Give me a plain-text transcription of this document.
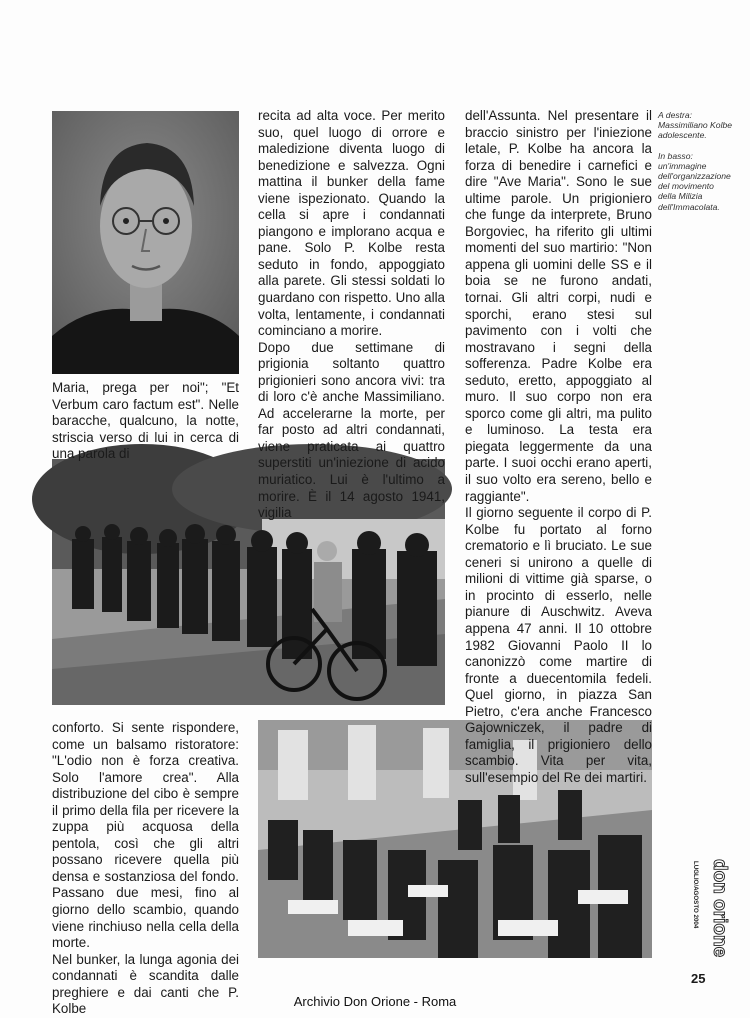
Maria, prega per noi"; "Et Verbum caro factum est". Nelle baracche, qualcuno, la notte, striscia verso di lui in cerca di una parola di

recita ad alta voce. Per merito suo, quel luogo di orrore e maledizione diventa luogo di benedizione e salvezza. Ogni mattina il bunker della fame viene ispezionato. Quando la cella si apre i condannati piangono e implorano acqua e pane. Solo P. Kolbe resta seduto in fondo, appoggiato alla parete. Gli stessi soldati lo guardano con rispetto. Uno alla volta, lentamente, i condannati cominciano a morire.

Dopo due settimane di prigionia soltanto quattro prigionieri sono ancora vivi: tra di loro c'è anche Massimiliano. Ad accelerarne la morte, per far posto ad altri condannati, viene praticata ai quattro superstiti un'iniezione di acido muriatico. Lui è l'ultimo a morire. È il 14 agosto 1941, vigilia

dell'Assunta. Nel presentare il braccio sinistro per l'iniezione letale, P. Kolbe ha ancora la forza di benedire i carnefici e dire "Ave Maria". Sono le sue ultime parole. Un prigioniero che funge da interprete, Bruno Borgoviec, ha riferito gli ultimi momenti del suo martirio: "Non appena gli uomini delle SS e il boia se ne furono andati, tornai. Gli altri corpi, nudi e sporchi, erano stesi sul pavimento con i volti che mostravano i segni della sofferenza. Padre Kolbe era seduto, eretto, appoggiato al muro. Il suo corpo non era sporco come gli altri, ma pulito e luminoso. La testa era piegata leggermente da una parte. I suoi occhi erano aperti, il suo volto era sereno, bello e raggiante".

Il giorno seguente il corpo di P. Kolbe fu portato al forno crematorio e lì bruciato. Le sue ceneri si unirono a quelle di milioni di vittime già sparse, o in procinto di esserlo, nelle pianure di Auschwitz. Aveva appena 47 anni. Il 10 ottobre 1982 Giovanni Paolo II lo canonizzò come martire di fronte a duecentomila fedeli. Quel giorno, in piazza San Pietro, c'era anche Francesco Gajowniczek, il padre di famiglia, il prigioniero dello scambio. Vita per vita, sull'esempio del Re dei martiri.

conforto. Si sente rispondere, come un balsamo ristoratore: "L'odio non è forza creativa. Solo l'amore crea". Alla distribuzione del cibo è sempre il primo della fila per ricevere la zuppa più acquosa della pentola, così che gli altri possano ricevere quella più densa e sostanziosa del fondo. Passano due mesi, fino al giorno dello scambio, quando viene rinchiuso nella cella della morte.

Nel bunker, la lunga agonia dei condannati è scandita dalle preghiere e dai canti che P. Kolbe

A destra:
Massimiliano Kolbe
adolescente.

In basso:
un'immagine
dell'organizzazione
del movimento
della Milizia
dell'Immacolata.

don orione
LUGLIO/AGOSTO 2004
25
Archivio Don Orione - Roma
